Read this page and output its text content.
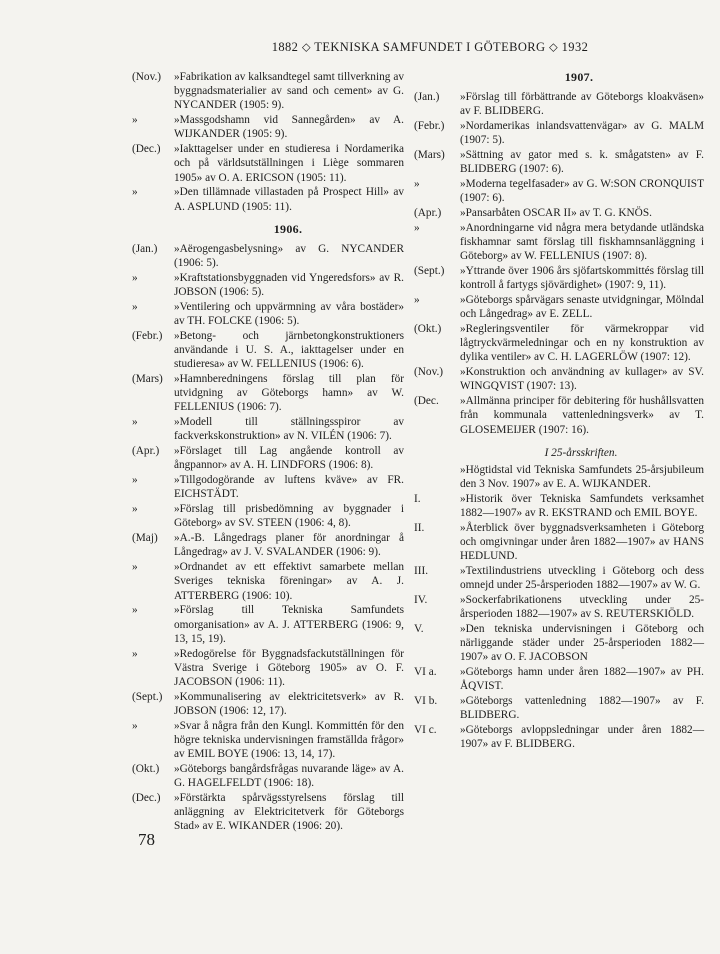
1882 ⬦ TEKNISKA SAMFUNDET I GÖTEBORG ⬦ 1932
(Nov.)	»Fabrikation av kalksandtegel samt tillverkning av byggnadsmaterialier av sand och cement» av G. NYCANDER (1905: 9).
»	»Massgodshamn vid Sannegården» av A. WIJKANDER (1905: 9).
(Dec.)	»Iakttagelser under en studieresa i Nordamerika och på världsutställningen i Liège sommaren 1905» av O. A. ERICSON (1905: 11).
»	»Den tillämnade villastaden på Prospect Hill» av A. ASPLUND (1905: 11).
1906.
(Jan.)	»Aërogengasbelysning» av G. NYCANDER (1906: 5).
»	»Kraftstationsbyggnaden vid Yngeredsfors» av R. JOBSON (1906: 5).
»	»Ventilering och uppvärmning av våra bostäder» av TH. FOLCKE (1906: 5).
(Febr.)	»Betong- och järnbetongkonstruktioners användande i U. S. A., iakttagelser under en studieresa» av W. FELLENIUS (1906: 6).
(Mars) »Hamnberedningens förslag till plan för utvidgning av Göteborgs hamn» av W. FELLENIUS (1906: 7).
»	»Modell till ställningsspiror av fackverkskonstruktion» av N. VILÉN (1906: 7).
(Apr.)	»Förslaget till Lag angående kontroll av ångpannor» av A. H. LINDFORS (1906: 8).
»	»Tillgodogörande av luftens kväve» av FR. EICHSTÄDT.
»	»Förslag till prisbedömning av byggnader i Göteborg» av SV. STEEN (1906: 4, 8).
(Maj)	»A.-B. Långedrags planer för anordningar å Långedrag» av J. V. SVALANDER (1906: 9).
»	»Ordnandet av ett effektivt samarbete mellan Sveriges tekniska föreningar» av A. J. ATTERBERG (1906: 10).
»	»Förslag till Tekniska Samfundets omorganisation» av A. J. ATTERBERG (1906: 9, 13, 15, 19).
»	»Redogörelse för Byggnadsfackutställningen för Västra Sverige i Göteborg 1905» av O. F. JACOBSON (1906: 11).
(Sept.)	»Kommunalisering av elektricitetsverk» av R. JOBSON (1906: 12, 17).
»	»Svar å några från den Kungl. Kommittén för den högre tekniska undervisningen framställda frågor» av EMIL BOYE (1906: 13, 14, 17).
(Okt.)	»Göteborgs bangårdsfrågas nuvarande läge» av A. G. HAGELFELDT (1906: 18).
(Dec.)	»Förstärkta spårvägsstyrelsens förslag till anläggning av Elektricitetverk för Göteborgs Stad» av E. WIKANDER (1906: 20).
1907.
(Jan.)	»Förslag till förbättrande av Göteborgs kloakväsen» av F. BLIDBERG.
(Febr.)	»Nordamerikas inlandsvattenvägar» av G. MALM (1907: 5).
(Mars)	»Sättning av gator med s. k. smågatsten» av F. BLIDBERG (1907: 6).
»	»Moderna tegelfasader» av G. W:SON CRONQUIST (1907: 6).
(Apr.)	»Pansarbåten OSCAR II» av T. G. KNÖS.
»	»Anordningarne vid några mera betydande utländska fiskhamnar samt förslag till fiskhamnsanläggning i Göteborg» av W. FELLENIUS (1907: 8).
(Sept.)	»Yttrande över 1906 års sjöfartskommittés förslag till kontroll å fartygs sjövärdighet» (1907: 9, 11).
»	»Göteborgs spårvägars senaste utvidgningar, Mölndal och Långedrag» av E. ZELL.
(Okt.)	»Regleringsventiler för värmekroppar vid lågtryckvärmeledningar och en ny konstruktion av dylika ventiler» av C. H. LAGERLÖW (1907: 12).
(Nov.)	»Konstruktion och användning av kullager» av SV. WINGQVIST (1907: 13).
(Dec.	»Allmänna principer för debitering för hushållsvatten från kommunala vattenledningsverk» av T. GLOSEMEIJER (1907: 16).
I 25-årsskriften.
»Högtidstal vid Tekniska Samfundets 25-årsjubileum den 3 Nov. 1907» av E. A. WIJKANDER.
I.	»Historik över Tekniska Samfundets verksamhet 1882—1907» av R. EKSTRAND och EMIL BOYE.
II.	»Återblick över byggnadsverksamheten i Göteborg och omgivningar under åren 1882—1907» av HANS HEDLUND.
III.	»Textilindustriens utveckling i Göteborg och dess omnejd under 25-årsperioden 1882—1907» av W. G.
IV.	»Sockerfabrikationens utveckling under 25-årsperioden 1882—1907» av S. REUTERSKIÖLD.
V.	»Den tekniska undervisningen i Göteborg och närliggande städer under 25-årsperioden 1882—1907» av O. F. JACOBSON
VI a.	»Göteborgs hamn under åren 1882—1907» av PH. ÅQVIST.
VI b.	»Göteborgs vattenledning 1882—1907» av F. BLIDBERG.
VI c.	»Göteborgs avloppsledningar under åren 1882—1907» av F. BLIDBERG.
78
